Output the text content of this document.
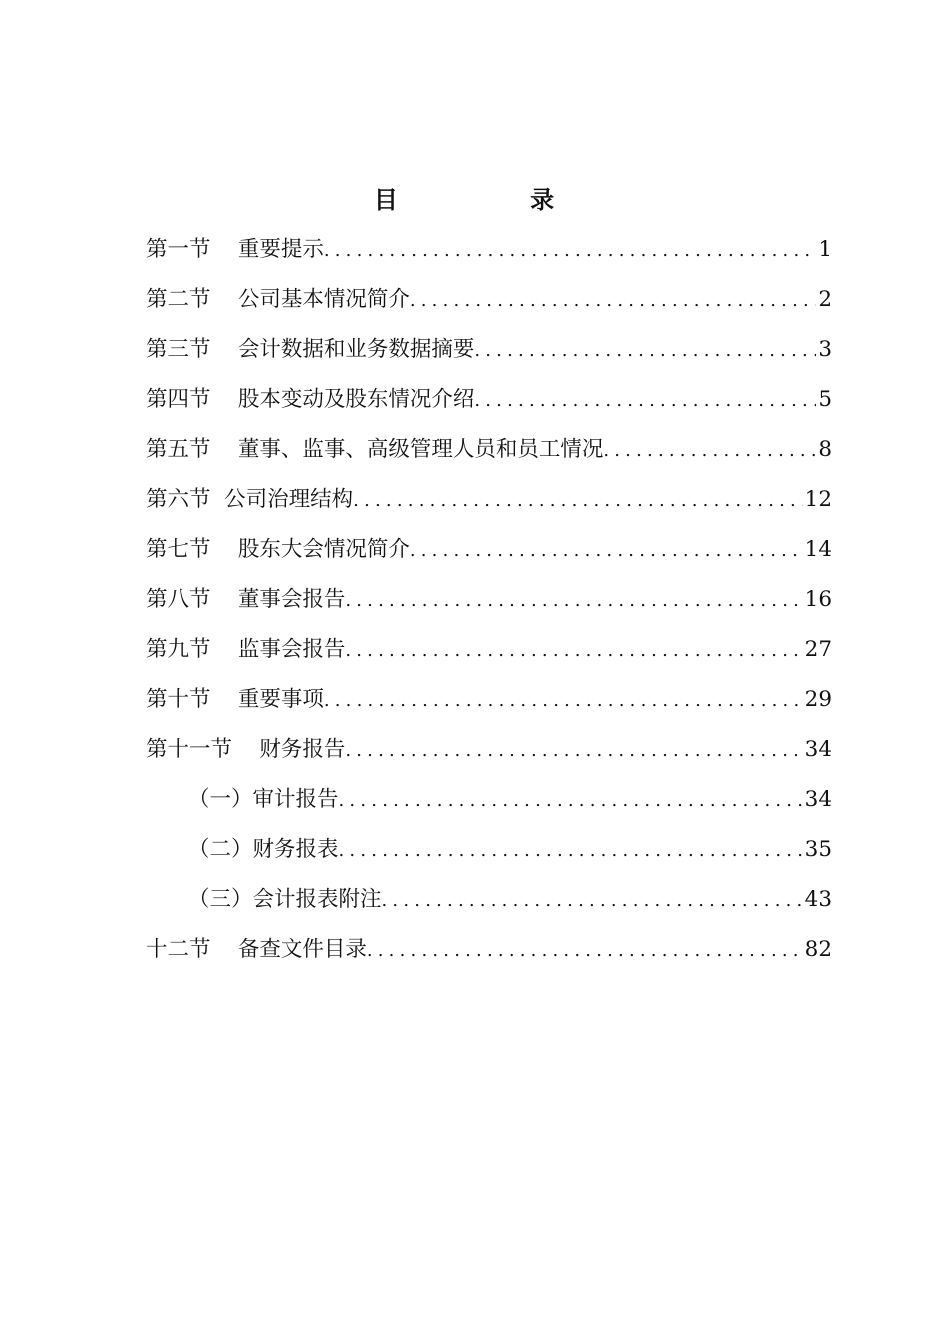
目 录
第一节    重要提示 .....	1
第二节    公司基本情况简介 .....	2
第三节    会计数据和业务数据摘要 .....	3
第四节    股本变动及股东情况介绍 .....	5
第五节    董事、监事、高级管理人员和员工情况 .....	8
第六节  公司治理结构 .....	12
第七节    股东大会情况简介 .....	14
第八节    董事会报告 .....	16
第九节    监事会报告 .....	27
第十节    重要事项 .....	29
第十一节    财务报告 .....	34
（一）审计报告 .....	34
（二）财务报表 .....	35
（三）会计报表附注 .....	43
十二节    备查文件目录 .....	82
